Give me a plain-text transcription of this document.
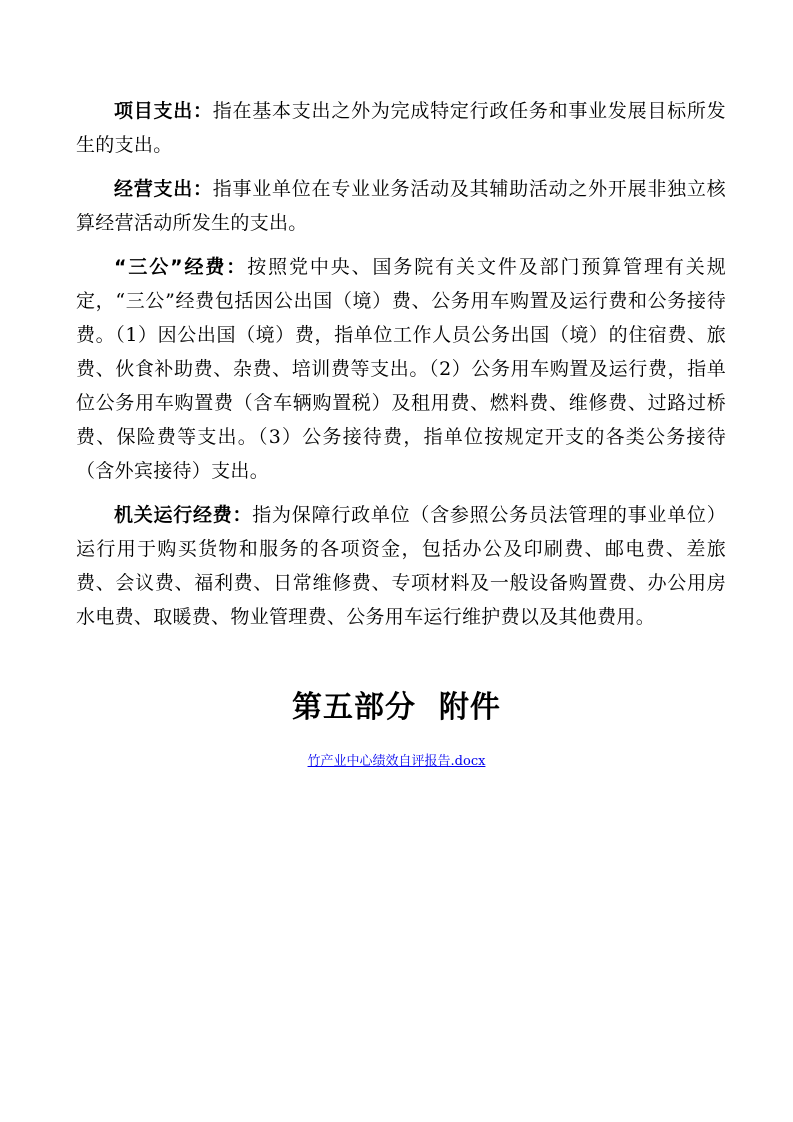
项目支出：指在基本支出之外为完成特定行政任务和事业发展目标所发生的支出。

经营支出：指事业单位在专业业务活动及其辅助活动之外开展非独立核算经营活动所发生的支出。

“三公”经费：按照党中央、国务院有关文件及部门预算管理有关规定，“三公”经费包括因公出国（境）费、公务用车购置及运行费和公务接待费。（1）因公出国（境）费，指单位工作人员公务出国（境）的住宿费、旅费、伙食补助费、杂费、培训费等支出。（2）公务用车购置及运行费，指单位公务用车购置费（含车辆购置税）及租用费、燃料费、维修费、过路过桥费、保险费等支出。（3）公务接待费，指单位按规定开支的各类公务接待（含外宾接待）支出。

机关运行经费：指为保障行政单位（含参照公务员法管理的事业单位）运行用于购买货物和服务的各项资金，包括办公及印刷费、邮电费、差旅费、会议费、福利费、日常维修费、专项材料及一般设备购置费、办公用房水电费、取暖费、物业管理费、公务用车运行维护费以及其他费用。

第五部分  附件
竹产业中心绩效自评报告.docx
